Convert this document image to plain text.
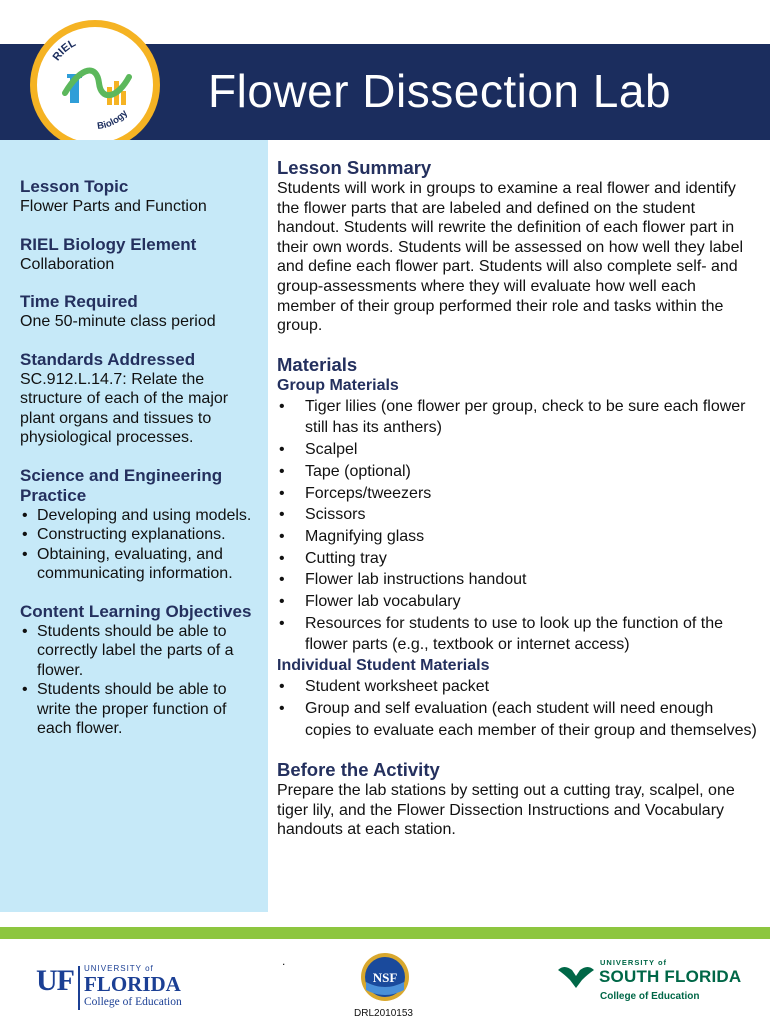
Flower Dissection Lab
RIEL
Biology
Lesson Topic
Flower Parts and Function
RIEL Biology Element
Collaboration
Time Required
One 50-minute class period
Standards Addressed
SC.912.L.14.7: Relate the structure of each of the major plant organs and tissues to physiological processes.
Science and Engineering Practice
• Developing and using models.
• Constructing explanations.
• Obtaining, evaluating, and communicating information.
Content Learning Objectives
• Students should be able to correctly label the parts of a flower.
• Students should be able to write the proper function of each flower.
Lesson Summary
Students will work in groups to examine a real flower and identify the flower parts that are labeled and defined on the student handout. Students will rewrite the definition of each flower part in their own words. Students will be assessed on how well they label and define each flower part. Students will also complete self- and group-assessments where they will evaluate how well each member of their group performed their role and tasks within the group.
Materials
Group Materials
• Tiger lilies (one flower per group, check to be sure each flower still has its anthers)
• Scalpel
• Tape (optional)
• Forceps/tweezers
• Scissors
• Magnifying glass
• Cutting tray
• Flower lab instructions handout
• Flower lab vocabulary
• Resources for students to use to look up the function of the flower parts (e.g., textbook or internet access)
Individual Student Materials
• Student worksheet packet
• Group and self evaluation (each student will need enough copies to evaluate each member of their group and themselves)
Before the Activity
Prepare the lab stations by setting out a cutting tray, scalpel, one tiger lily, and the Flower Dissection Instructions and Vocabulary handouts at each station.
.
UF UNIVERSITY of
FLORIDA
College of Education
NSF
DRL2010153
UNIVERSITY of
SOUTH FLORIDA
College of Education
